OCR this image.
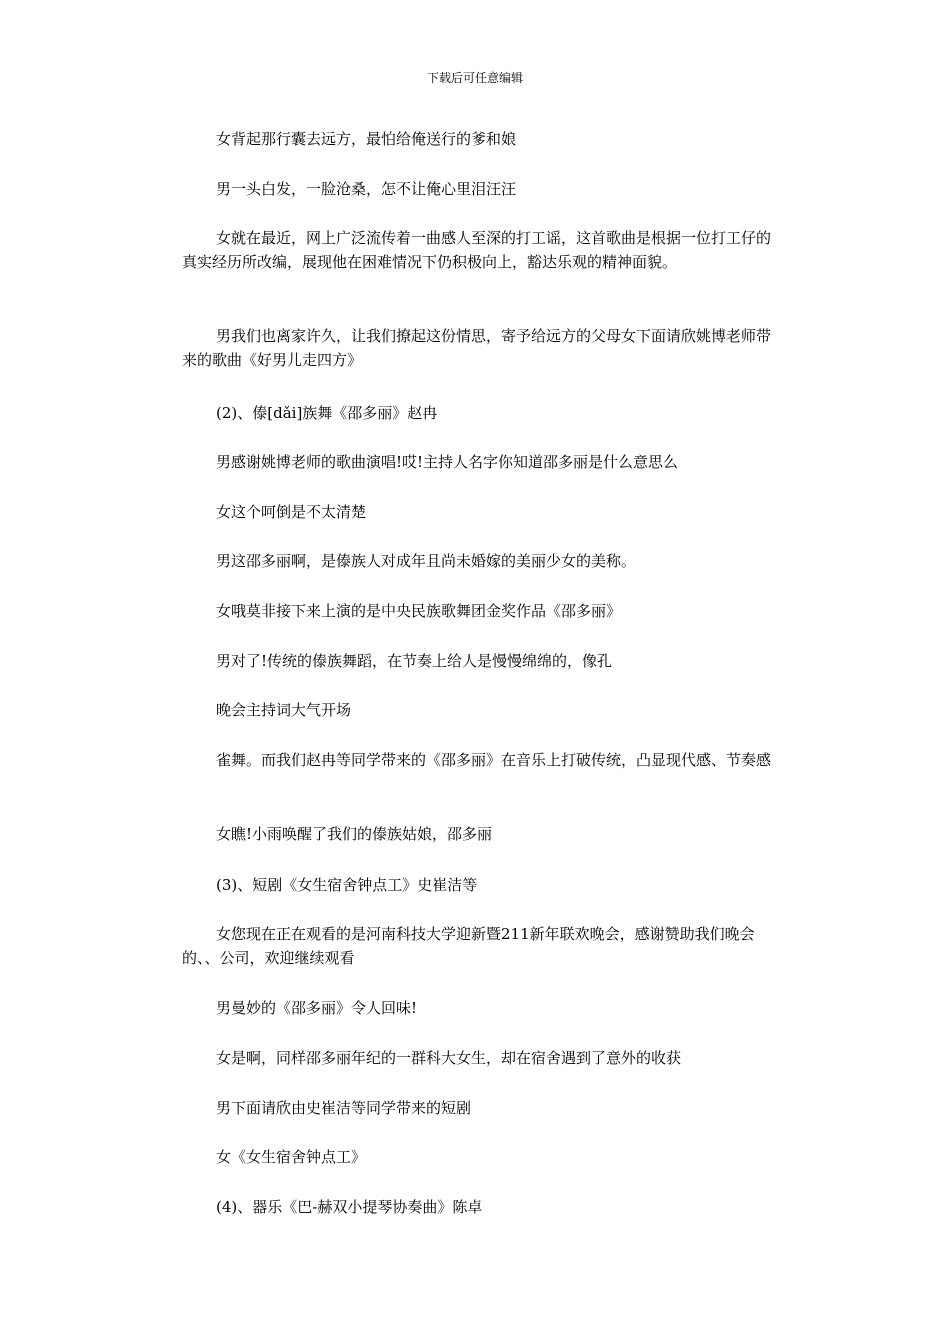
下载后可任意编辑

女背起那行囊去远方，最怕给俺送行的爹和娘

男一头白发，一脸沧桑，怎不让俺心里泪汪汪

女就在最近，网上广泛流传着一曲感人至深的打工谣，这首歌曲是根据一位打工仔的真实经历所改编，展现他在困难情况下仍积极向上，豁达乐观的精神面貌。

男我们也离家许久，让我们撩起这份情思，寄予给远方的父母女下面请欣姚博老师带来的歌曲《好男儿走四方》

(2)、傣[dǎi]族舞《邵多丽》赵冉

男感谢姚博老师的歌曲演唱!哎!主持人名字你知道邵多丽是什么意思么

女这个呵倒是不太清楚

男这邵多丽啊，是傣族人对成年且尚未婚嫁的美丽少女的美称。

女哦莫非接下来上演的是中央民族歌舞团金奖作品《邵多丽》

男对了!传统的傣族舞蹈，在节奏上给人是慢慢绵绵的，像孔

晚会主持词大气开场

雀舞。而我们赵冉等同学带来的《邵多丽》在音乐上打破传统，凸显现代感、节奏感

女瞧!小雨唤醒了我们的傣族姑娘，邵多丽

(3)、短剧《女生宿舍钟点工》史崔洁等

女您现在正在观看的是河南科技大学迎新暨211新年联欢晚会，感谢赞助我们晚会的、、公司，欢迎继续观看

男曼妙的《邵多丽》令人回味!

女是啊，同样邵多丽年纪的一群科大女生，却在宿舍遇到了意外的收获

男下面请欣由史崔洁等同学带来的短剧

女《女生宿舍钟点工》

(4)、器乐《巴-赫双小提琴协奏曲》陈卓
